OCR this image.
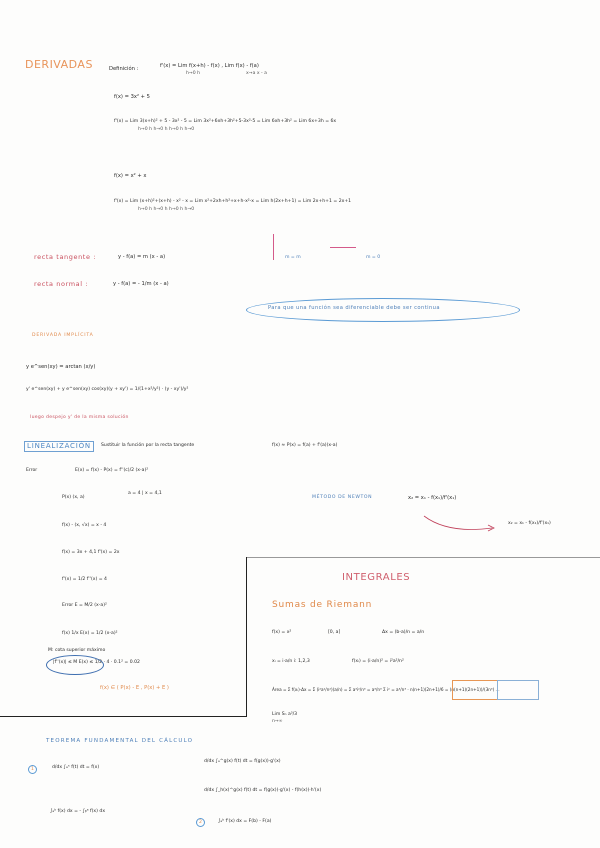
DERIVADAS	Definición :	f'(x) = Lim f(x+h) - f(x) , Lim f(x) - f(a)
h→0 h	x→a x - a
f(x) = 3x² + 5
f'(x) = Lim 3(x+h)² + 5 - 3x² - 5 = Lim 3x²+6xh+3h²+5-3x²-5 = Lim 6xh+3h² = Lim 6x+3h = 6x
h→0 h h→0 h h→0 h h→0
f(x) = x² + x
f'(x) = Lim (x+h)²+(x+h) - x² - x = Lim x²+2xh+h²+x+h-x²-x = Lim h(2x+h+1) = Lim 2x+h+1 = 2x+1
h→0 h h→0 h h→0 h h→0
recta tangente :	y - f(a) = m (x - a)
recta normal :	y - f(a) = - 1/m (x - a)
m = m	m = 0
Para que una función sea diferenciable debe ser continua
DERIVADA IMPLÍCITA
y e^sen(xy) = arctan (x/y)
y' e^sen(xy) + y e^sen(xy) cos(xy)(y + xy') = 1/(1+x²/y²) · (y - xy')/y²
luego despejo y' de la misma solución
LINEALIZACIÓN	Sustituir la función por la recta tangente	f(x) ≈ P(x) = f(a) + f'(a)(x-a)
Error	E(x) = f(x) - P(x) = f''(c)/2 (x-a)²
P(x) (x, a)
a = 4 | x = 4,1
f(x) - (x, √x) = x - 4
f(x) = 3x + 4,1 f'(x) = 2x
f'(x) = 1/2 f''(x) = 4
Error E = M/2 (x-a)²
f(x) 1/x E(x) = 1/2 (x-a)²
M: cota superior máximo
|f''(x)| ≤ M E(x) ≤ 1/2 · 4 · 0.1² = 0.02
f(x) ∈ ( P(x) - E , P(x) + E )
MÉTODO DE NEWTON	x₂ = x₁ - f(x₁)/f'(x₁)
x₂ = x₁ - f(x₁)/f'(x₁)
INTEGRALES
Sumas de Riemann
f(x) = x²	[0, a]	Δx = (b-a)/n = a/n
xᵢ = i·a/n i: 1,2,3	f(xᵢ) = (i·a/n)² = i²a²/n²
Área = Σ f(xᵢ)·Δx = Σ (i²a²/n²)(a/n) = Σ a³i²/n³ = a³/n³ Σ i² = a³/n³ · n(n+1)(2n+1)/6 = (n(n+1)(2n+1))/(3n³) ...
Lim Sₙ a³/3
n→∞
TEOREMA FUNDAMENTAL DEL CÁLCULO
1	d/dx ∫ₐˣ f(t) dt = f(x)
d/dx ∫ₐ^g(x) f(t) dt = f(g(x))·g'(x)
d/dx ∫_h(x)^g(x) f(t) dt = f(g(x))·g'(x) - f(h(x))·h'(x)
∫ₐᵇ f(x) dx = - ∫ᵦᵃ f(x) dx
2	∫ₐᵇ f'(x) dx = F(b) - F(a)
